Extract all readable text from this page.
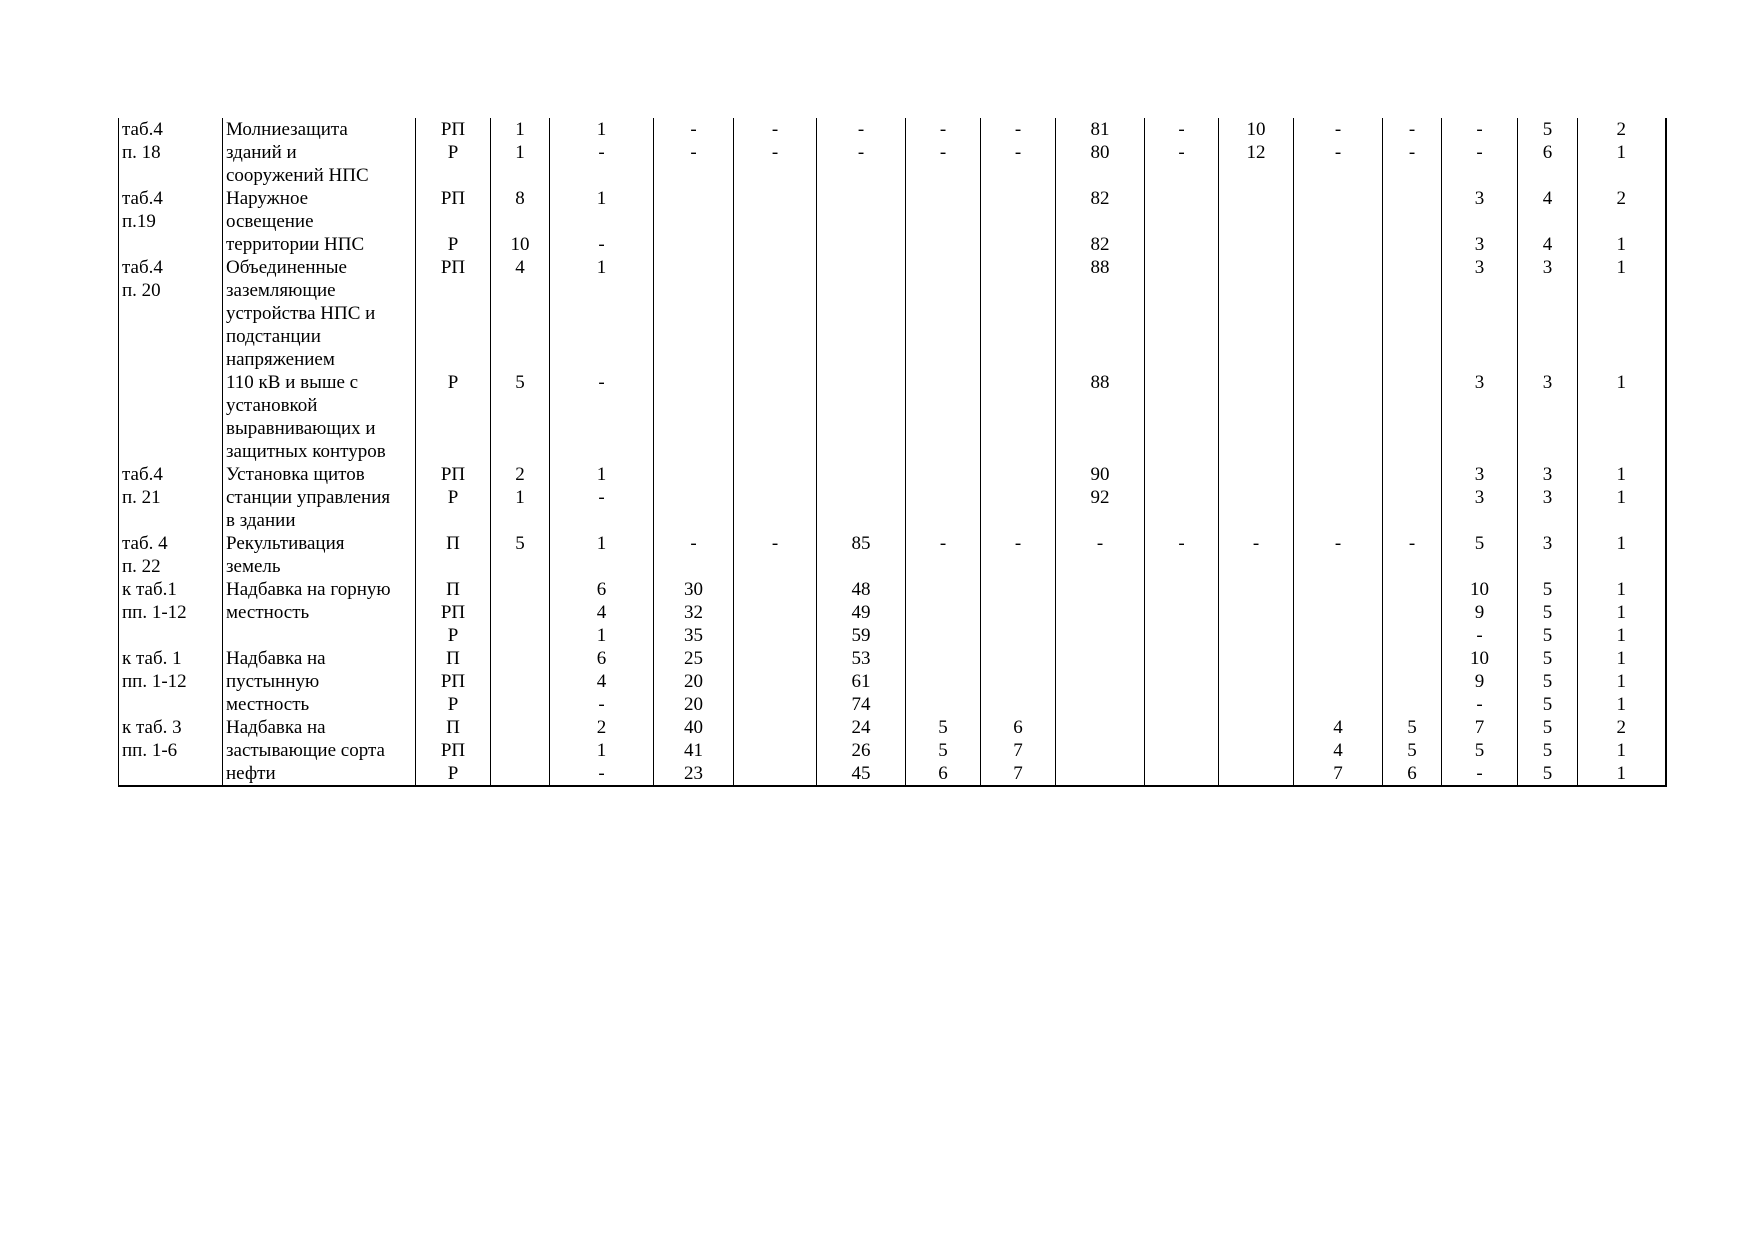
таб.4	Молниезащита	РП	1	1	-	-	-	-	-	81	-	10	-	-	-	5	2
п. 18	зданий и	Р	1	-	-	-	-	-	-	80	-	12	-	-	-	6	1
	сооружений НПС																
таб.4	Наружное	РП	8	1						82					3	4	2
п.19	освещение																
	территории НПС	Р	10	-						82					3	4	1
таб.4	Объединенные	РП	4	1						88					3	3	1
п. 20	заземляющие																
	устройства НПС и																
	подстанции																
	напряжением																
	110 кВ и выше с	Р	5	-						88					3	3	1
	установкой																
	выравнивающих и																
	защитных контуров																
таб.4	Установка щитов	РП	2	1						90					3	3	1
п. 21	станции управления	Р	1	-						92					3	3	1
	в здании																
таб. 4	Рекультивация	П	5	1	-	-	85	-	-	-	-	-	-	-	5	3	1
п. 22	земель																
к таб.1	Надбавка на горную	П		6	30		48								10	5	1
пп. 1-12	местность	РП		4	32		49								9	5	1
		Р		1	35		59								-	5	1
к таб. 1	Надбавка на	П		6	25		53								10	5	1
пп. 1-12	пустынную	РП		4	20		61								9	5	1
	местность	Р		-	20		74								-	5	1
к таб. 3	Надбавка на	П		2	40		24	5	6				4	5	7	5	2
пп. 1-6	застывающие сорта	РП		1	41		26	5	7				4	5	5	5	1
	нефти	Р		-	23		45	6	7				7	6	-	5	1
